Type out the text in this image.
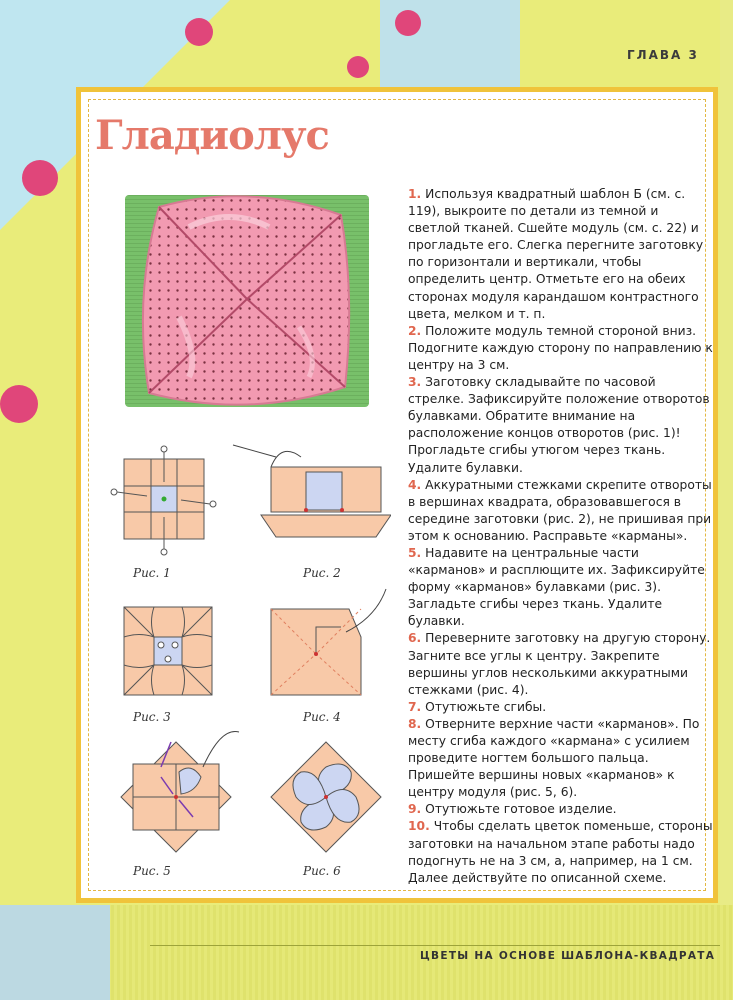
ГЛАВА 3
ЦВЕТЫ НА ОСНОВЕ ШАБЛОНА-КВАДРАТА
Гладиолус
Рис. 1	Рис. 2
Рис. 3	Рис. 4
Рис. 5	Рис. 6

1. Используя квадратный шаблон Б (см. с. 119), выкроите по детали из темной и светлой тканей. Сшейте модуль (см. с. 22) и прогладьте его. Слегка перегните заготовку по горизонтали и вертикали, чтобы определить центр. Отметьте его на обеих сторонах модуля карандашом контрастного цвета, мелком и т. п.

2. Положите модуль темной стороной вниз. Подогните каждую сторону по направлению к центру на 3 см.

3. Заготовку складывайте по часовой стрелке. Зафиксируйте положение отворотов булавками. Обратите внимание на расположение концов отворотов (рис. 1)! Прогладьте сгибы утюгом через ткань. Удалите булавки.

4. Аккуратными стежками скрепите отвороты в вершинах квадрата, образовавшегося в середине заготовки (рис. 2), не пришивая при этом к основанию. Расправьте «карманы».

5. Надавите на центральные части «карманов» и расплющите их. Зафиксируйте форму «карманов» булавками (рис. 3). Загладьте сгибы через ткань. Удалите булавки.

6. Переверните заготовку на другую сторону. Загните все углы к центру. Закрепите вершины углов несколькими аккуратными стежками (рис. 4).

7. Отутюжьте сгибы.

8. Отверните верхние части «карманов». По месту сгиба каждого «кармана» с усилием проведите ногтем большого пальца. Пришейте вершины новых «карманов» к центру модуля (рис. 5, 6).

9. Отутюжьте готовое изделие.

10. Чтобы сделать цветок поменьше, стороны заготовки на начальном этапе работы надо подогнуть не на 3 см, а, например, на 1 см. Далее действуйте по описанной схеме.
